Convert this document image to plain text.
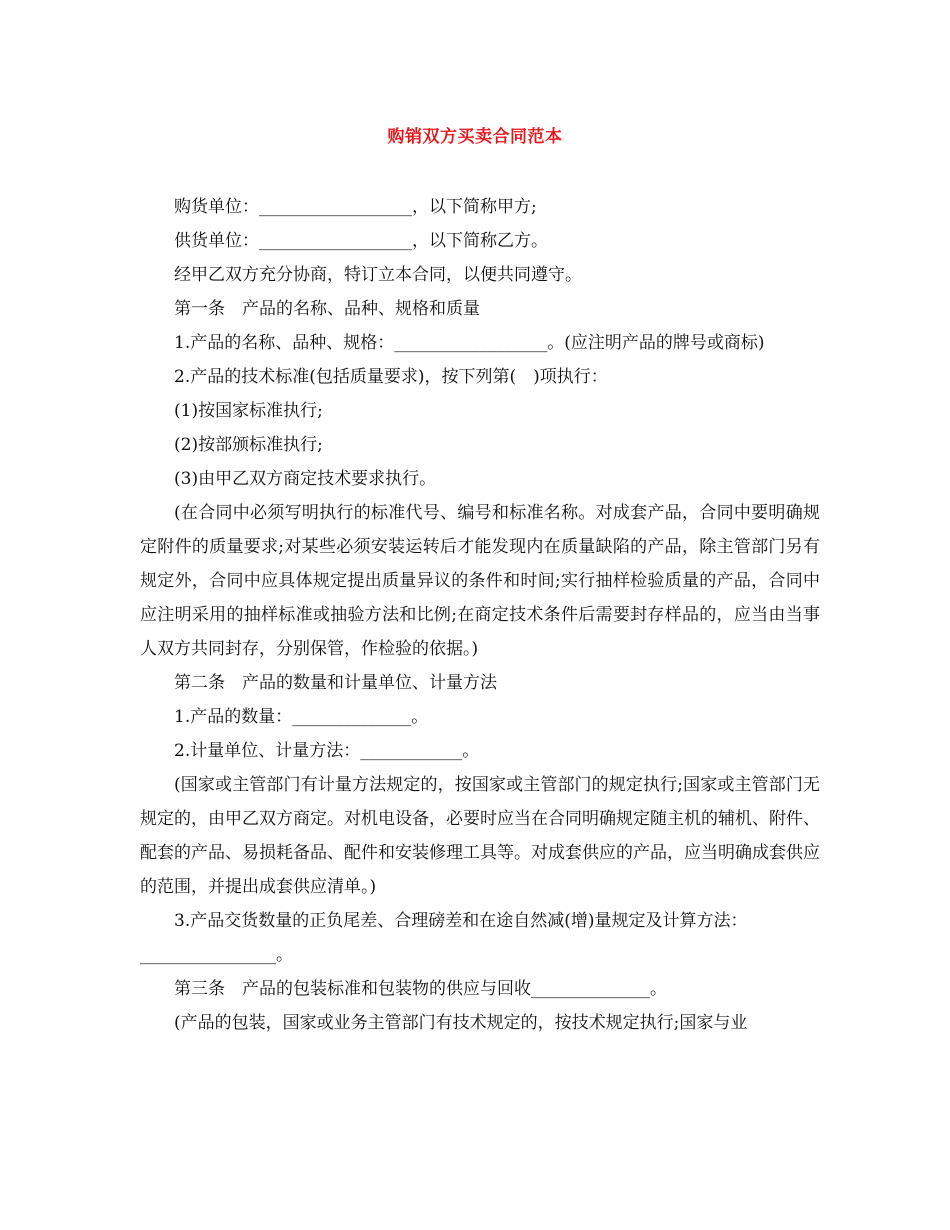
购销双方买卖合同范本

购货单位：__________________，以下简称甲方;

供货单位：__________________，以下简称乙方。

经甲乙双方充分协商，特订立本合同，以便共同遵守。

第一条　产品的名称、品种、规格和质量

1.产品的名称、品种、规格：__________________。(应注明产品的牌号或商标)

2.产品的技术标准(包括质量要求)，按下列第(　)项执行：

(1)按国家标准执行;

(2)按部颁标准执行;

(3)由甲乙双方商定技术要求执行。

(在合同中必须写明执行的标准代号、编号和标准名称。对成套产品，合同中要明确规定附件的质量要求;对某些必须安装运转后才能发现内在质量缺陷的产品，除主管部门另有规定外，合同中应具体规定提出质量异议的条件和时间;实行抽样检验质量的产品，合同中应注明采用的抽样标准或抽验方法和比例;在商定技术条件后需要封存样品的，应当由当事人双方共同封存，分别保管，作检验的依据。)

第二条　产品的数量和计量单位、计量方法

1.产品的数量：______________。

2.计量单位、计量方法：____________。

(国家或主管部门有计量方法规定的，按国家或主管部门的规定执行;国家或主管部门无规定的，由甲乙双方商定。对机电设备，必要时应当在合同明确规定随主机的辅机、附件、配套的产品、易损耗备品、配件和安装修理工具等。对成套供应的产品，应当明确成套供应的范围，并提出成套供应清单。)

3.产品交货数量的正负尾差、合理磅差和在途自然减(增)量规定及计算方法：

________________。

第三条　产品的包装标准和包装物的供应与回收______________。

(产品的包装，国家或业务主管部门有技术规定的，按技术规定执行;国家与业
